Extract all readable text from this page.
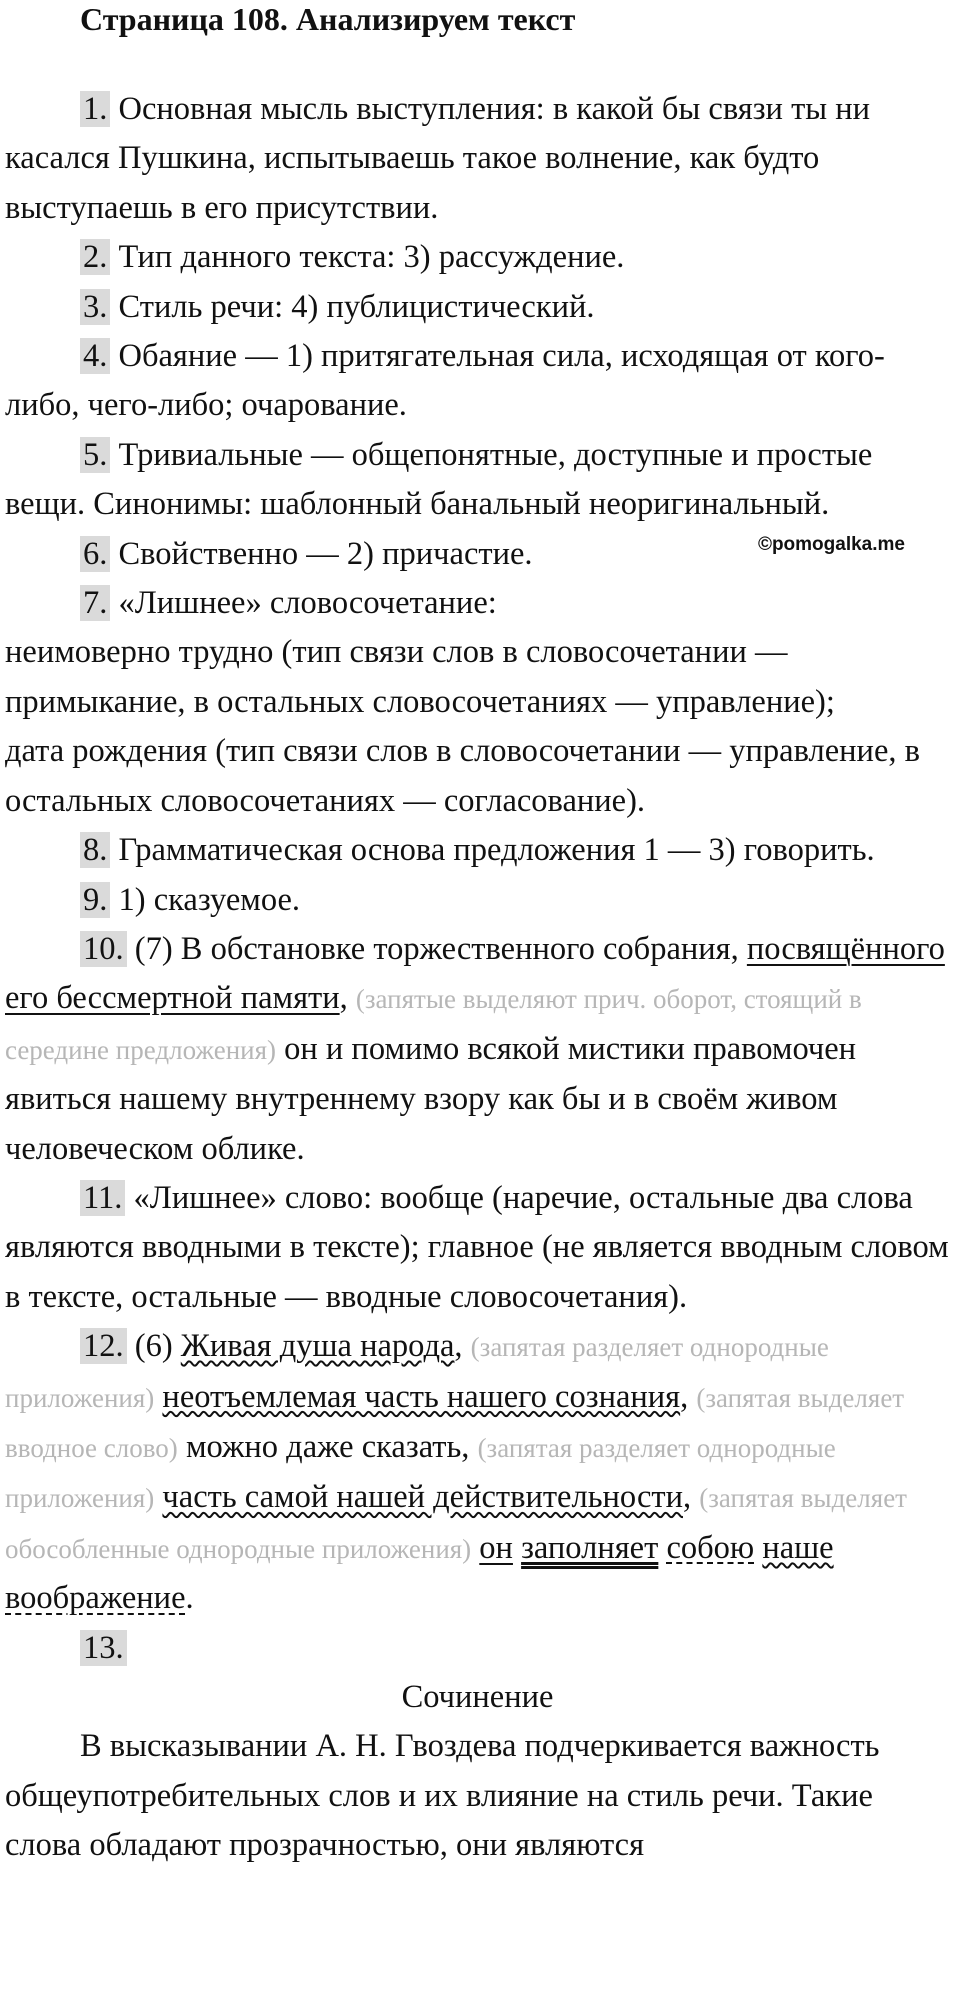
Страница 108. Анализируем текст
©pomogalka.me

1. Основная мысль выступления: в какой бы связи ты ни касался Пушкина, испытываешь такое волнение, как будто выступаешь в его присутствии.

2. Тип данного текста: 3) рассуждение.

3. Стиль речи: 4) публицистический.

4. Обаяние — 1) притягательная сила, исходящая от кого-либо, чего-либо; очарование.

5. Тривиальные — общепонятные, доступные и простые вещи. Синонимы: шаблонный банальный неоригинальный.

6. Свойственно — 2) причастие.

7. «Лишнее» словосочетание:

неимоверно трудно (тип связи слов в словосочетании — примыкание, в остальных словосочетаниях — управление);

дата рождения (тип связи слов в словосочетании — управление, в остальных словосочетаниях — согласование).

8. Грамматическая основа предложения 1 — 3) говорить.

9. 1) сказуемое.

10. (7) В обстановке торжественного собрания, посвящённого его бессмертной памяти, (запятые выделяют прич. оборот, стоящий в середине предложения) он и помимо всякой мистики правомочен явиться нашему внутреннему взору как бы и в своём живом человеческом облике.

11. «Лишнее» слово: вообще (наречие, остальные два слова являются вводными в тексте); главное (не является вводным словом в тексте, остальные — вводные словосочетания).

12. (6) Живая душа народа, (запятая разделяет однородные приложения) неотъемлемая часть нашего сознания, (запятая выделяет вводное слово) можно даже сказать, (запятая разделяет однородные приложения) часть самой нашей действительности, (запятая выделяет обособленные однородные приложения) он заполняет собою наше воображение.

13.

Сочинение

В высказывании А. Н. Гвоздева подчеркивается важность общеупотребительных слов и их влияние на стиль речи. Такие слова обладают прозрачностью, они являются
